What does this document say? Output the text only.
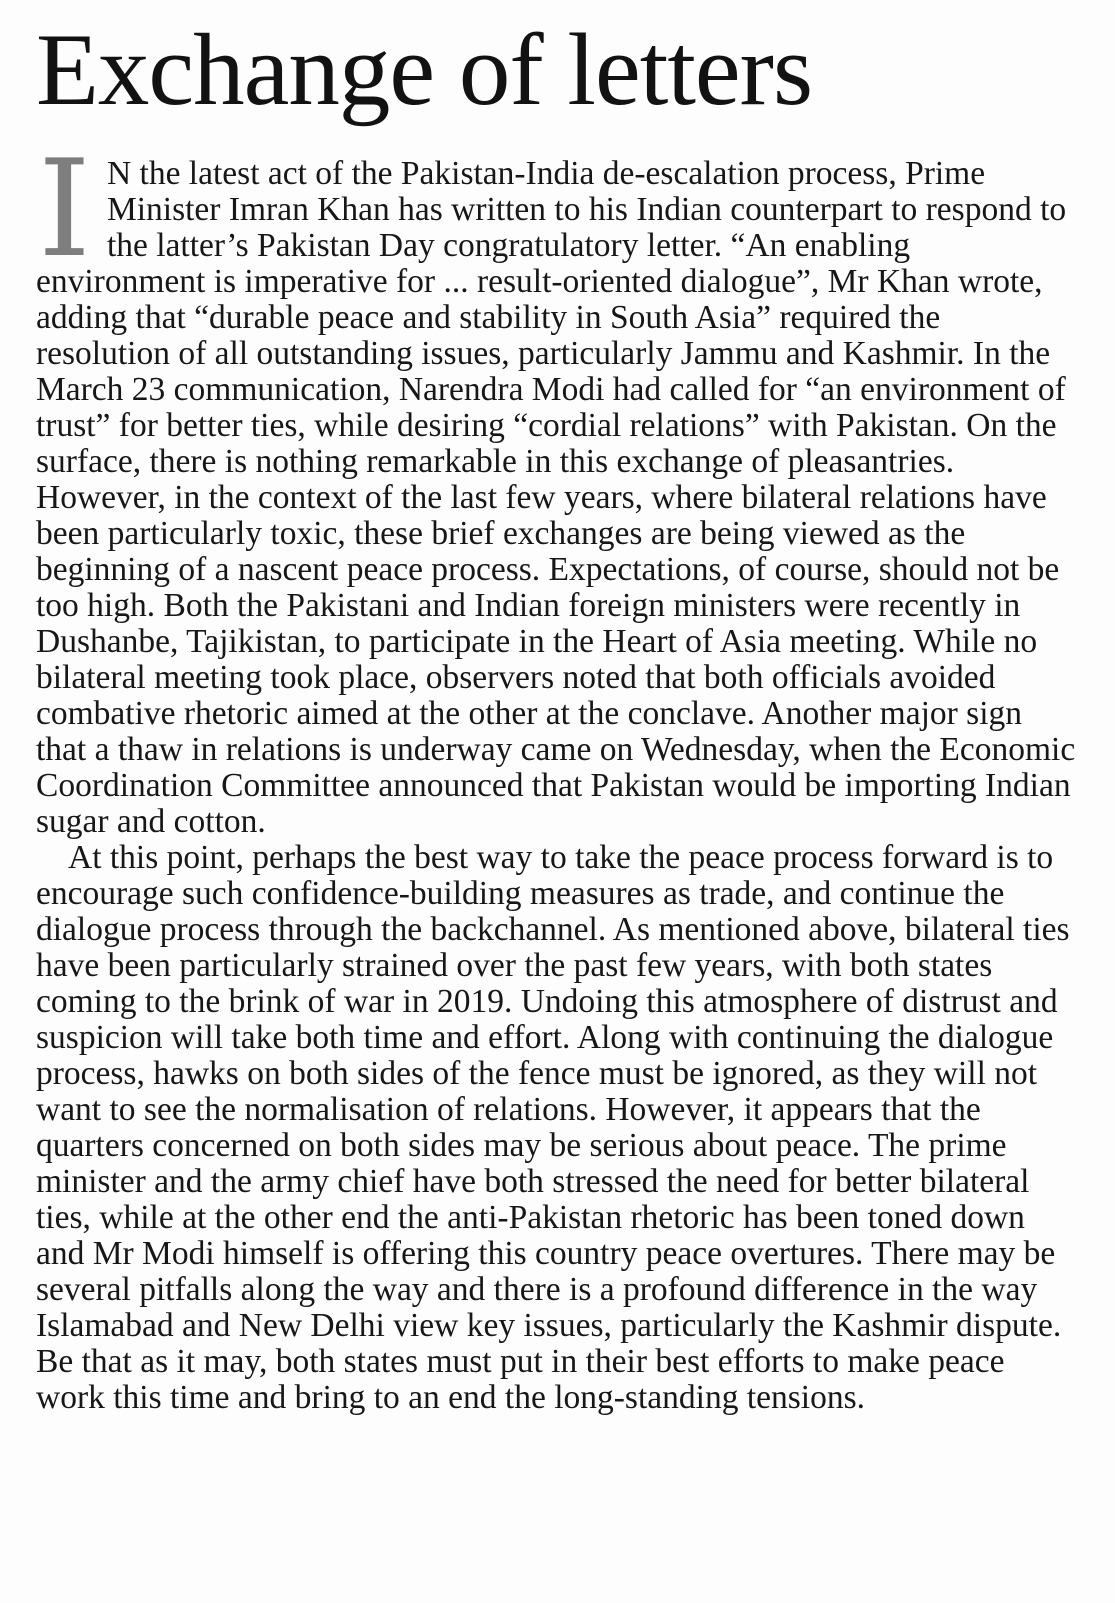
Exchange of letters

I N the latest act of the Pakistan-India de-escalation process, Prime Minister Imran Khan has written to his Indian counterpart to respond to the latter’s Pakistan Day congratulatory letter. “An enabling environment is imperative for ... result-oriented dialogue”, Mr Khan wrote, adding that “durable peace and stability in South Asia” required the resolution of all outstanding issues, particularly Jammu and Kashmir. In the March 23 communication, Narendra Modi had called for “an environment of trust” for better ties, while desiring “cordial relations” with Pakistan. On the surface, there is nothing remarkable in this exchange of pleasantries. However, in the context of the last few years, where bilateral relations have been particularly toxic, these brief exchanges are being viewed as the beginning of a nascent peace process. Expectations, of course, should not be too high. Both the Pakistani and Indian foreign ministers were recently in Dushanbe, Tajikistan, to participate in the Heart of Asia meeting. While no bilateral meeting took place, observers noted that both officials avoided combative rhetoric aimed at the other at the conclave. Another major sign that a thaw in relations is underway came on Wednesday, when the Economic Coordination Committee announced that Pakistan would be importing Indian sugar and cotton.

At this point, perhaps the best way to take the peace process forward is to encourage such confidence-building measures as trade, and continue the dialogue process through the backchannel. As mentioned above, bilateral ties have been particularly strained over the past few years, with both states coming to the brink of war in 2019. Undoing this atmosphere of distrust and suspicion will take both time and effort. Along with continuing the dialogue process, hawks on both sides of the fence must be ignored, as they will not want to see the normalisation of relations. However, it appears that the quarters concerned on both sides may be serious about peace. The prime minister and the army chief have both stressed the need for better bilateral ties, while at the other end the anti-Pakistan rhetoric has been toned down and Mr Modi himself is offering this country peace overtures. There may be several pitfalls along the way and there is a profound difference in the way Islamabad and New Delhi view key issues, particularly the Kashmir dispute. Be that as it may, both states must put in their best efforts to make peace work this time and bring to an end the long-standing tensions.
